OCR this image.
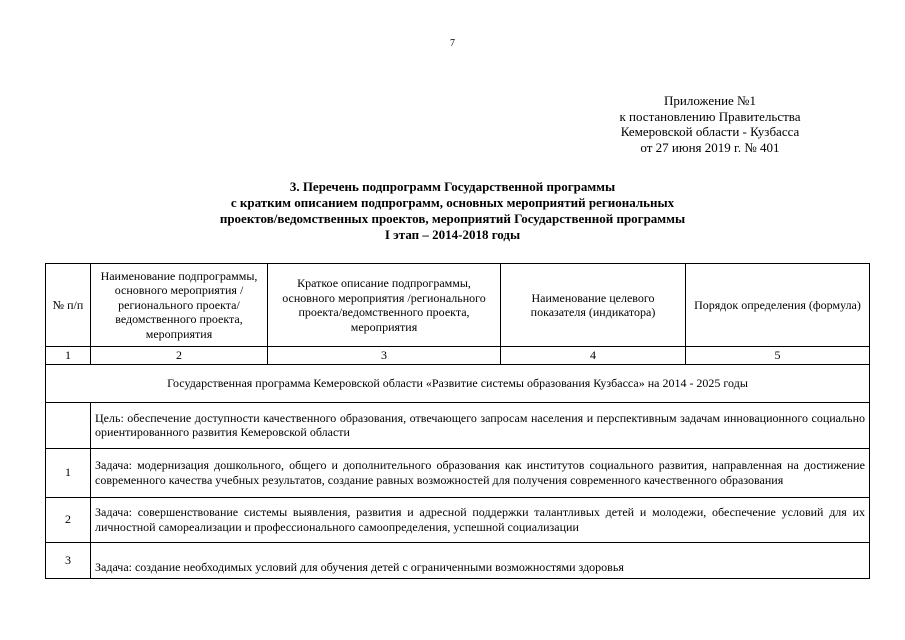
7
Приложение №1
к постановлению Правительства
Кемеровской области - Кузбасса
от 27 июня 2019 г. № 401
3. Перечень подпрограмм Государственной программы
с кратким описанием подпрограмм, основных мероприятий региональных
проектов/ведомственных проектов, мероприятий Государственной программы
I этап – 2014-2018 годы
№ п/п	Наименование подпрограммы, основного мероприятия /регионального проекта/ведомственного проекта, мероприятия	Краткое описание подпрограммы, основного мероприятия /регионального проекта/ведомственного проекта, мероприятия	Наименование целевого показателя (индикатора)	Порядок определения (формула)
1	2	3	4	5
Государственная программа Кемеровской области «Развитие системы образования Кузбасса» на 2014 - 2025 годы				
	Цель: обеспечение доступности качественного образования, отвечающего запросам населения и перспективным задачам инновационного социально ориентированного развития Кемеровской области			
1	Задача: модернизация дошкольного, общего и дополнительного образования как институтов социального развития, направленная на достижение современного качества учебных результатов, создание равных возможностей для получения современного качественного образования			
2	Задача: совершенствование системы выявления, развития и адресной поддержки талантливых детей и молодежи, обеспечение условий для их личностной самореализации и профессионального самоопределения, успешной социализации			
3	Задача: создание необходимых условий для обучения детей с ограниченными возможностями здоровья			
